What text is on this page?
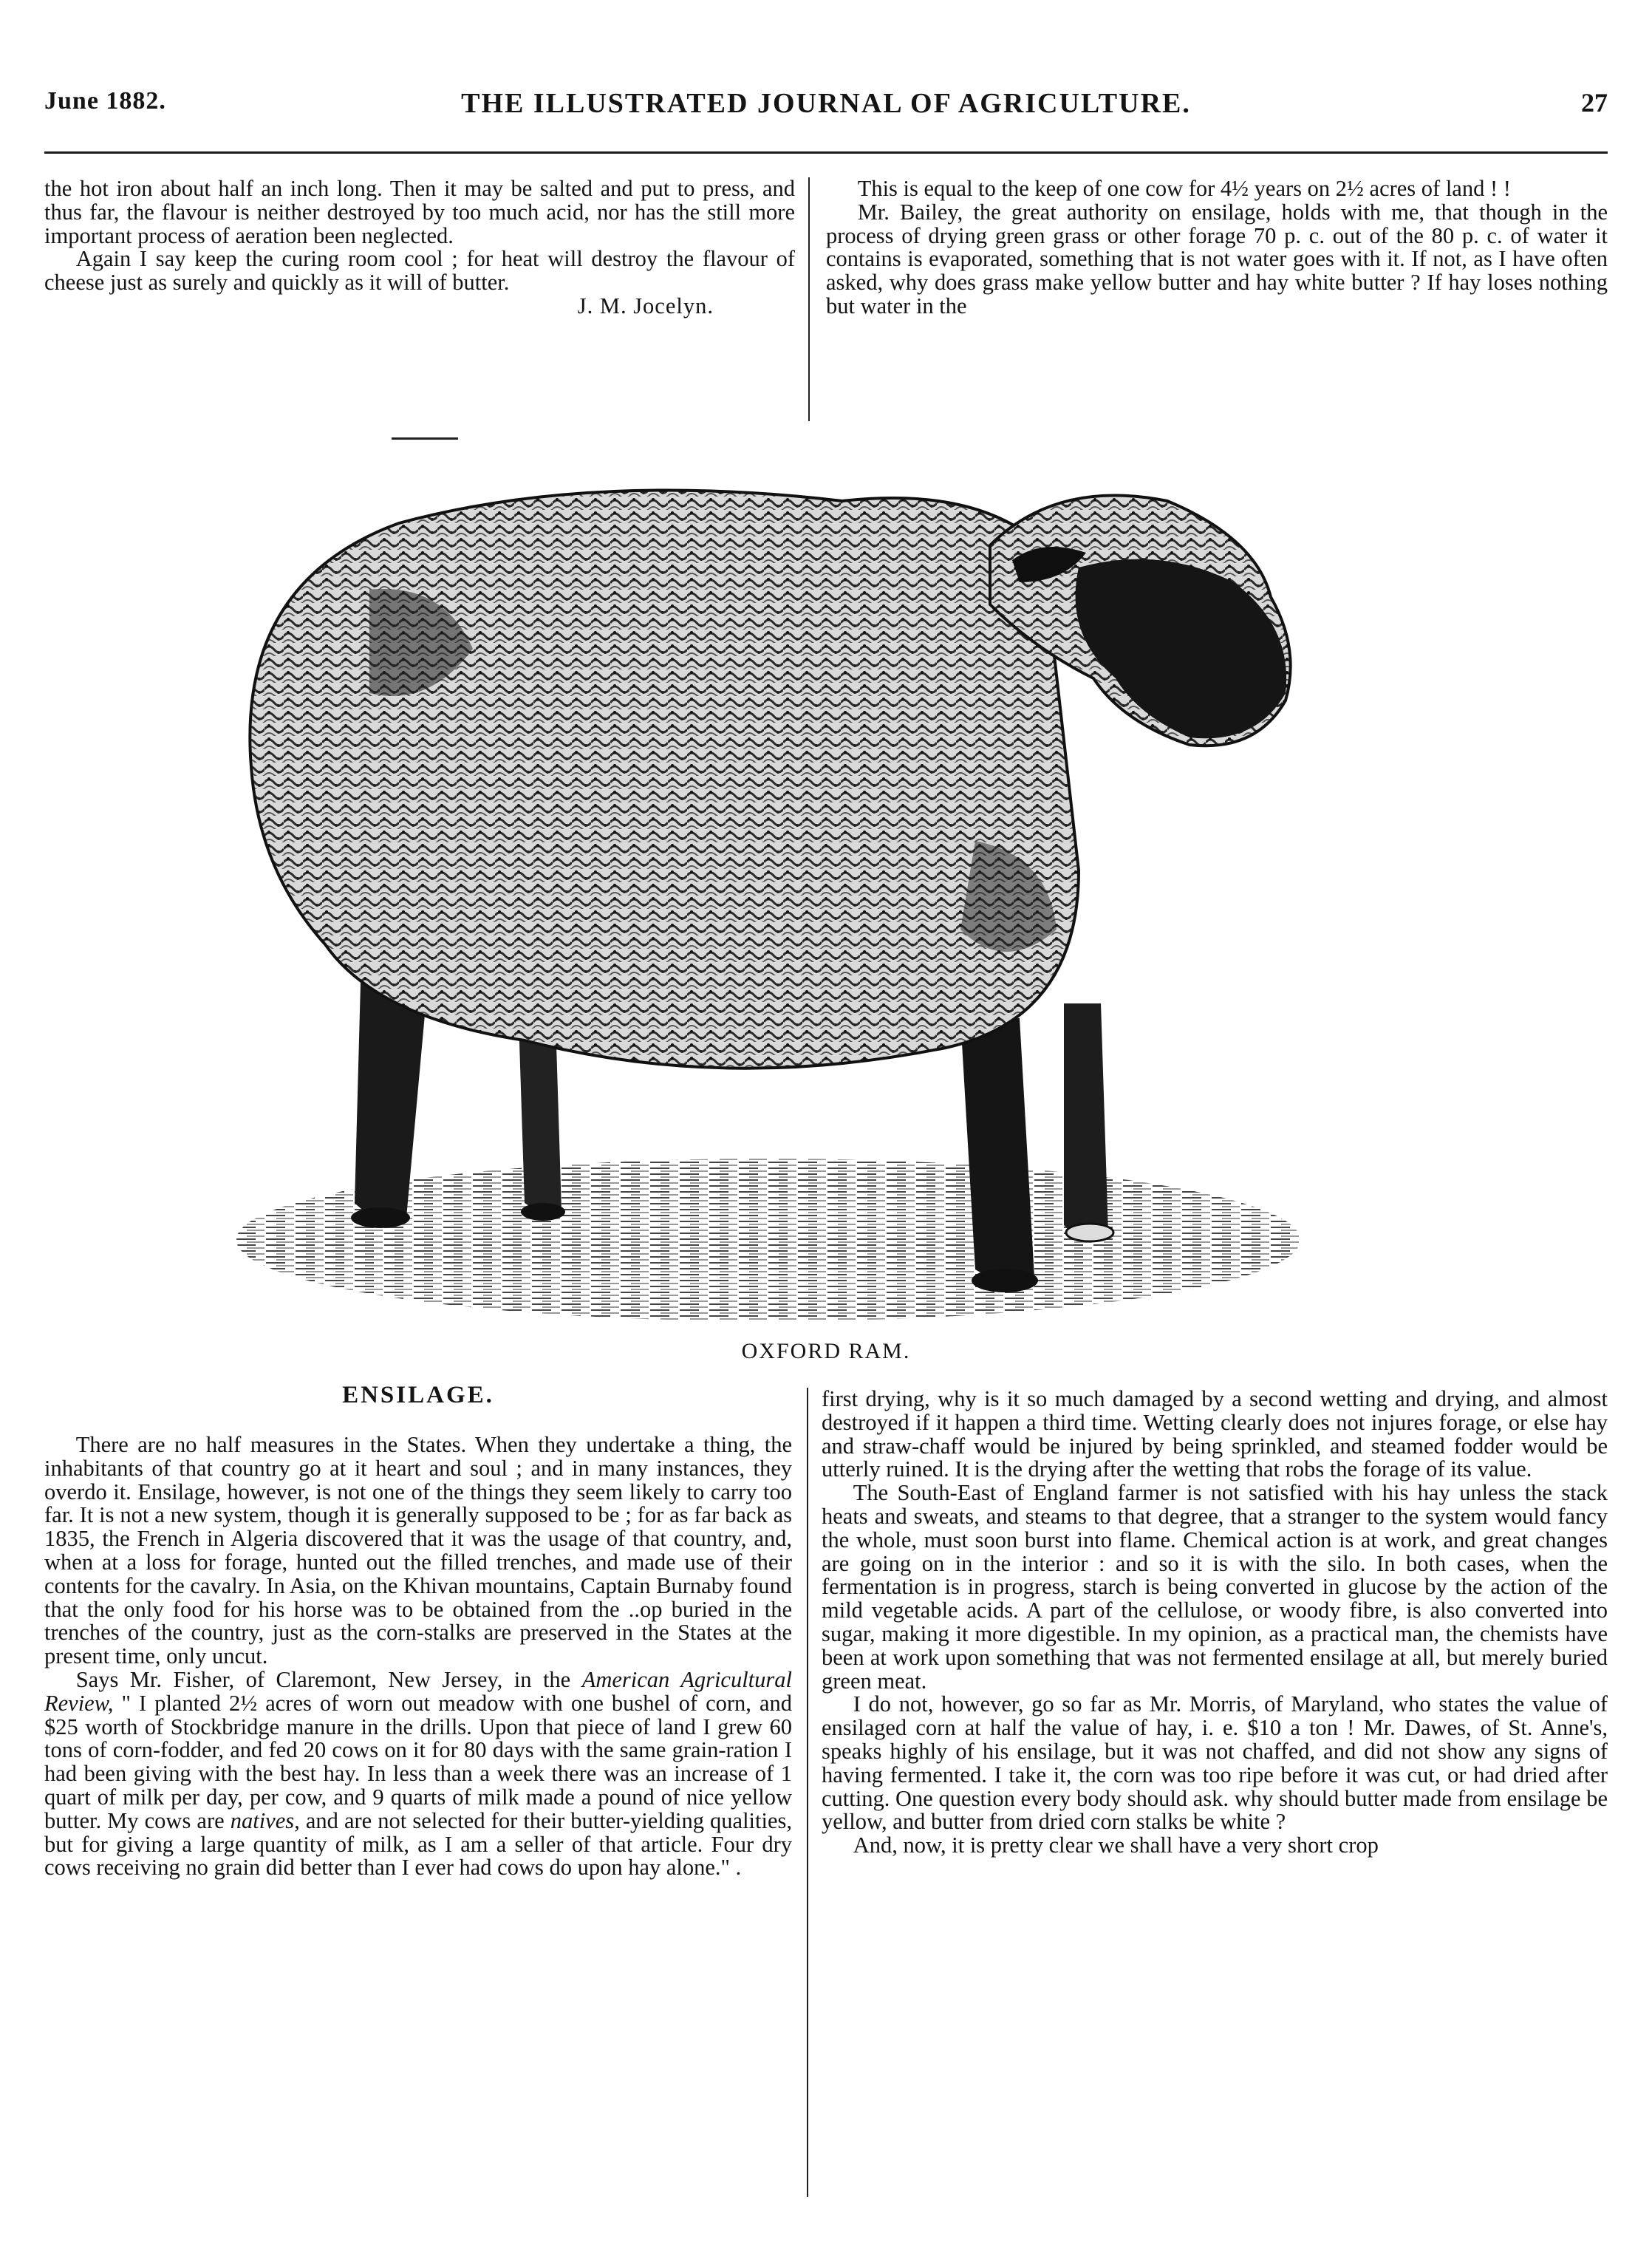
June 1882.	THE ILLUSTRATED JOURNAL OF AGRICULTURE.	27

the hot iron about half an inch long. Then it may be salted and put to press, and thus far, the flavour is neither destroyed by too much acid, nor has the still more important process of aeration been neglected.

Again I say keep the curing room cool ; for heat will destroy the flavour of cheese just as surely and quickly as it will of butter.

J. M. Jocelyn.

This is equal to the keep of one cow for 4½ years on 2½ acres of land ! !

Mr. Bailey, the great authority on ensilage, holds with me, that though in the process of drying green grass or other forage 70 p. c. out of the 80 p. c. of water it contains is evaporated, something that is not water goes with it. If not, as I have often asked, why does grass make yellow butter and hay white butter ? If hay loses nothing but water in the

OXFORD RAM.
ENSILAGE.

There are no half measures in the States. When they undertake a thing, the inhabitants of that country go at it heart and soul ; and in many instances, they overdo it. Ensilage, however, is not one of the things they seem likely to carry too far. It is not a new system, though it is generally supposed to be ; for as far back as 1835, the French in Algeria discovered that it was the usage of that country, and, when at a loss for forage, hunted out the filled trenches, and made use of their contents for the cavalry. In Asia, on the Khivan mountains, Captain Burnaby found that the only food for his horse was to be obtained from the ..op buried in the trenches of the country, just as the corn-stalks are preserved in the States at the present time, only uncut.

Says Mr. Fisher, of Claremont, New Jersey, in the American Agricultural Review, " I planted 2½ acres of worn out meadow with one bushel of corn, and $25 worth of Stockbridge manure in the drills. Upon that piece of land I grew 60 tons of corn-fodder, and fed 20 cows on it for 80 days with the same grain-ration I had been giving with the best hay. In less than a week there was an increase of 1 quart of milk per day, per cow, and 9 quarts of milk made a pound of nice yellow butter. My cows are natives, and are not selected for their butter-yielding qualities, but for giving a large quantity of milk, as I am a seller of that article. Four dry cows receiving no grain did better than I ever had cows do upon hay alone." .

first drying, why is it so much damaged by a second wetting and drying, and almost destroyed if it happen a third time. Wetting clearly does not injures forage, or else hay and straw-chaff would be injured by being sprinkled, and steamed fodder would be utterly ruined. It is the drying after the wetting that robs the forage of its value.

The South-East of England farmer is not satisfied with his hay unless the stack heats and sweats, and steams to that degree, that a stranger to the system would fancy the whole, must soon burst into flame. Chemical action is at work, and great changes are going on in the interior : and so it is with the silo. In both cases, when the fermentation is in progress, starch is being converted in glucose by the action of the mild vegetable acids. A part of the cellulose, or woody fibre, is also converted into sugar, making it more digestible. In my opinion, as a practical man, the chemists have been at work upon something that was not fermented ensilage at all, but merely buried green meat.

I do not, however, go so far as Mr. Morris, of Maryland, who states the value of ensilaged corn at half the value of hay, i. e. $10 a ton ! Mr. Dawes, of St. Anne's, speaks highly of his ensilage, but it was not chaffed, and did not show any signs of having fermented. I take it, the corn was too ripe before it was cut, or had dried after cutting. One question every body should ask. why should butter made from ensilage be yellow, and butter from dried corn stalks be white ?

And, now, it is pretty clear we shall have a very short crop
